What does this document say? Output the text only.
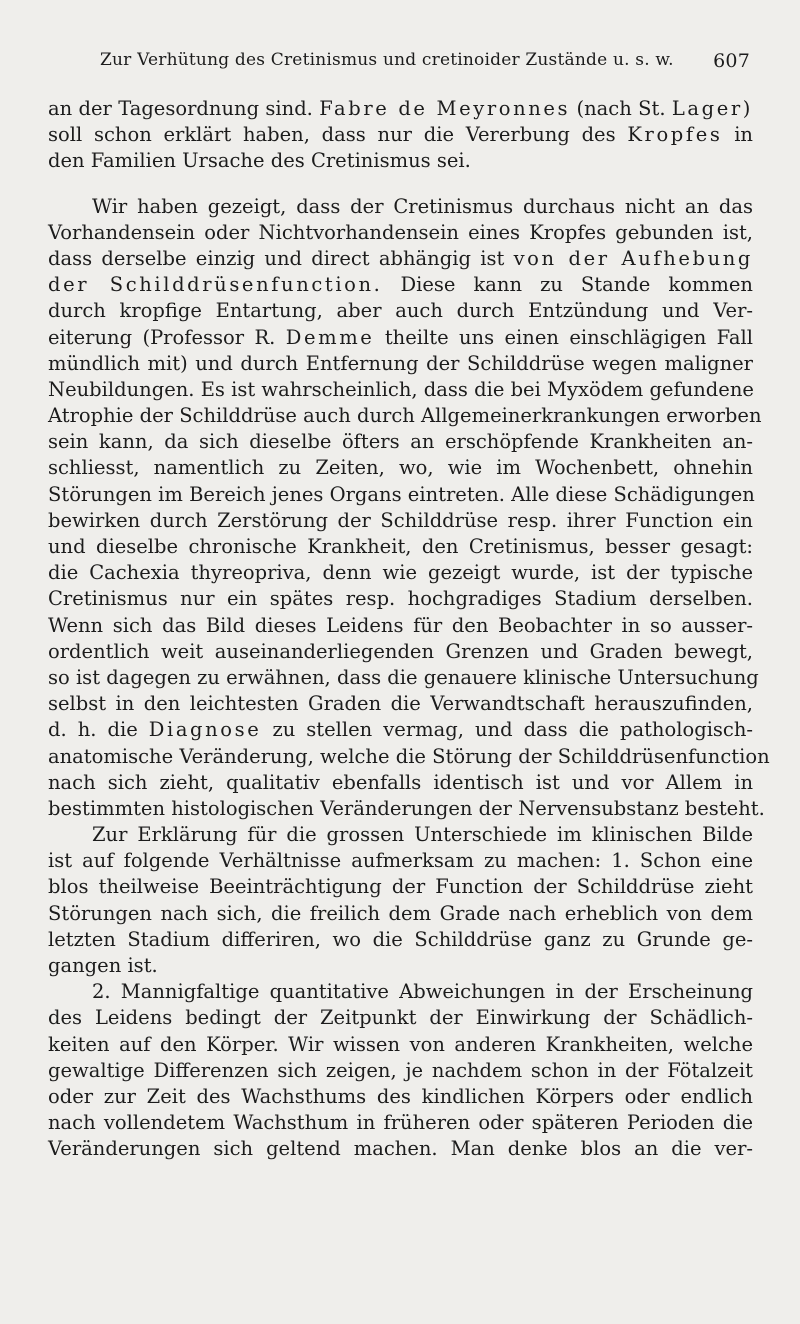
Zur Verhütung des Cretinismus und cretinoider Zustände u. s. w. 607
an der Tagesordnung sind. Fabre de Meyronnes (nach St. Lager)
soll schon erklärt haben, dass nur die Vererbung des Kropfes in
den Familien Ursache des Cretinismus sei.
Wir haben gezeigt, dass der Cretinismus durchaus nicht an das
Vorhandensein oder Nichtvorhandensein eines Kropfes gebunden ist,
dass derselbe einzig und direct abhängig ist von der Aufhebung
der Schilddrüsenfunction. Diese kann zu Stande kommen
durch kropfige Entartung, aber auch durch Entzündung und Ver-
eiterung (Professor R. Demme theilte uns einen einschlägigen Fall
mündlich mit) und durch Entfernung der Schilddrüse wegen maligner
Neubildungen. Es ist wahrscheinlich, dass die bei Myxödem gefundene
Atrophie der Schilddrüse auch durch Allgemeinerkrankungen erworben
sein kann, da sich dieselbe öfters an erschöpfende Krankheiten an-
schliesst, namentlich zu Zeiten, wo, wie im Wochenbett, ohnehin
Störungen im Bereich jenes Organs eintreten. Alle diese Schädigungen
bewirken durch Zerstörung der Schilddrüse resp. ihrer Function ein
und dieselbe chronische Krankheit, den Cretinismus, besser gesagt:
die Cachexia thyreopriva, denn wie gezeigt wurde, ist der typische
Cretinismus nur ein spätes resp. hochgradiges Stadium derselben.
Wenn sich das Bild dieses Leidens für den Beobachter in so ausser-
ordentlich weit auseinanderliegenden Grenzen und Graden bewegt,
so ist dagegen zu erwähnen, dass die genauere klinische Untersuchung
selbst in den leichtesten Graden die Verwandtschaft herauszufinden,
d. h. die Diagnose zu stellen vermag, und dass die pathologisch-
anatomische Veränderung, welche die Störung der Schilddrüsenfunction
nach sich zieht, qualitativ ebenfalls identisch ist und vor Allem in
bestimmten histologischen Veränderungen der Nervensubstanz besteht.
Zur Erklärung für die grossen Unterschiede im klinischen Bilde
ist auf folgende Verhältnisse aufmerksam zu machen: 1. Schon eine
blos theilweise Beeinträchtigung der Function der Schilddrüse zieht
Störungen nach sich, die freilich dem Grade nach erheblich von dem
letzten Stadium differiren, wo die Schilddrüse ganz zu Grunde ge-
gangen ist.
2. Mannigfaltige quantitative Abweichungen in der Erscheinung
des Leidens bedingt der Zeitpunkt der Einwirkung der Schädlich-
keiten auf den Körper. Wir wissen von anderen Krankheiten, welche
gewaltige Differenzen sich zeigen, je nachdem schon in der Fötalzeit
oder zur Zeit des Wachsthums des kindlichen Körpers oder endlich
nach vollendetem Wachsthum in früheren oder späteren Perioden die
Veränderungen sich geltend machen. Man denke blos an die ver-
